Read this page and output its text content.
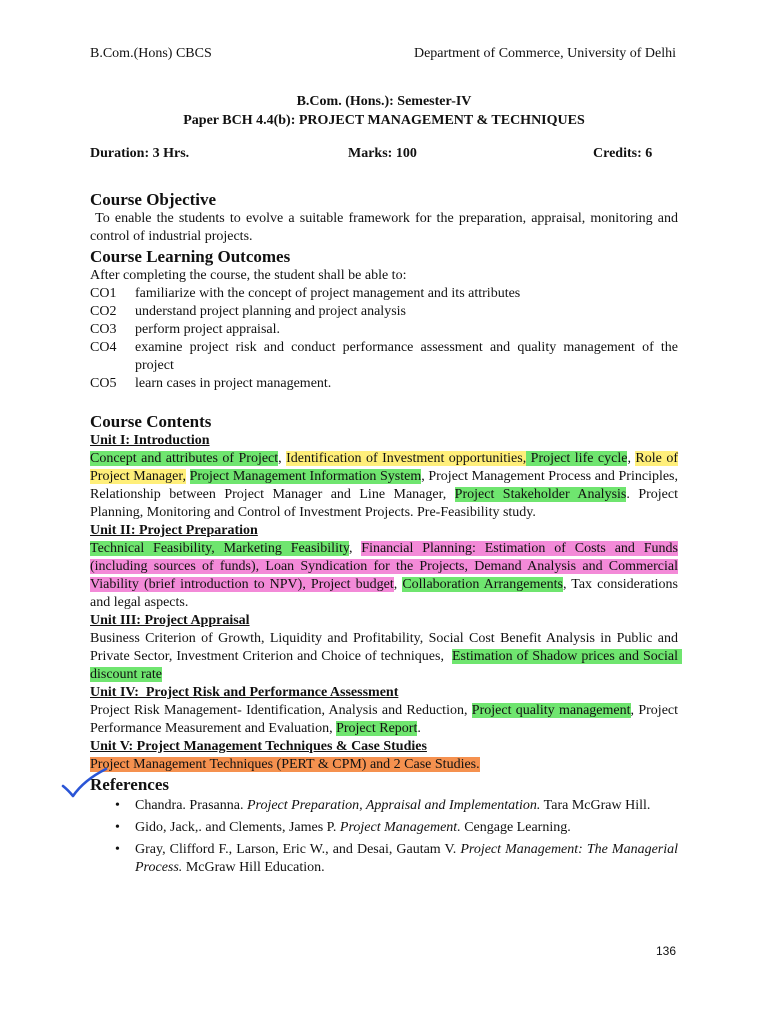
B.Com.(Hons) CBCS	Department of Commerce, University of Delhi
B.Com. (Hons.): Semester-IV
Paper BCH 4.4(b): PROJECT MANAGEMENT & TECHNIQUES
Duration: 3 Hrs.	Marks: 100	Credits: 6
Course Objective

To enable the students to evolve a suitable framework for the preparation, appraisal, monitoring and control of industrial projects.

Course Learning Outcomes

After completing the course, the student shall be able to:

CO1	familiarize with the concept of project management and its attributes
CO2	understand project planning and project analysis
CO3	perform project appraisal.
CO4	examine project risk and conduct performance assessment and quality management of the project
CO5	learn cases in project management.
Course Contents

Unit I: Introduction

Concept and attributes of Project, Identification of Investment opportunities, Project life cycle, Role of Project Manager, Project Management Information System, Project Management Process and Principles, Relationship between Project Manager and Line Manager, Project Stakeholder Analysis. Project Planning, Monitoring and Control of Investment Projects. Pre-Feasibility study.

Unit II: Project Preparation

Technical Feasibility, Marketing Feasibility, Financial Planning: Estimation of Costs and Funds (including sources of funds), Loan Syndication for the Projects, Demand Analysis and Commercial Viability (brief introduction to NPV), Project budget, Collaboration Arrangements, Tax considerations and legal aspects.

Unit III: Project Appraisal

Business Criterion of Growth, Liquidity and Profitability, Social Cost Benefit Analysis in Public and Private Sector, Investment Criterion and Choice of techniques,  Estimation of Shadow prices and Social discount rate

Unit IV:  Project Risk and Performance Assessment

Project Risk Management- Identification, Analysis and Reduction, Project quality management, Project Performance Measurement and Evaluation, Project Report.

Unit V: Project Management Techniques & Case Studies

Project Management Techniques (PERT & CPM) and 2 Case Studies.

References
• Chandra. Prasanna. Project Preparation, Appraisal and Implementation. Tara McGraw Hill.
• Gido, Jack,. and Clements, James P. Project Management. Cengage Learning.
• Gray, Clifford F., Larson, Eric W., and Desai, Gautam V. Project Management: The Managerial Process. McGraw Hill Education.
136
